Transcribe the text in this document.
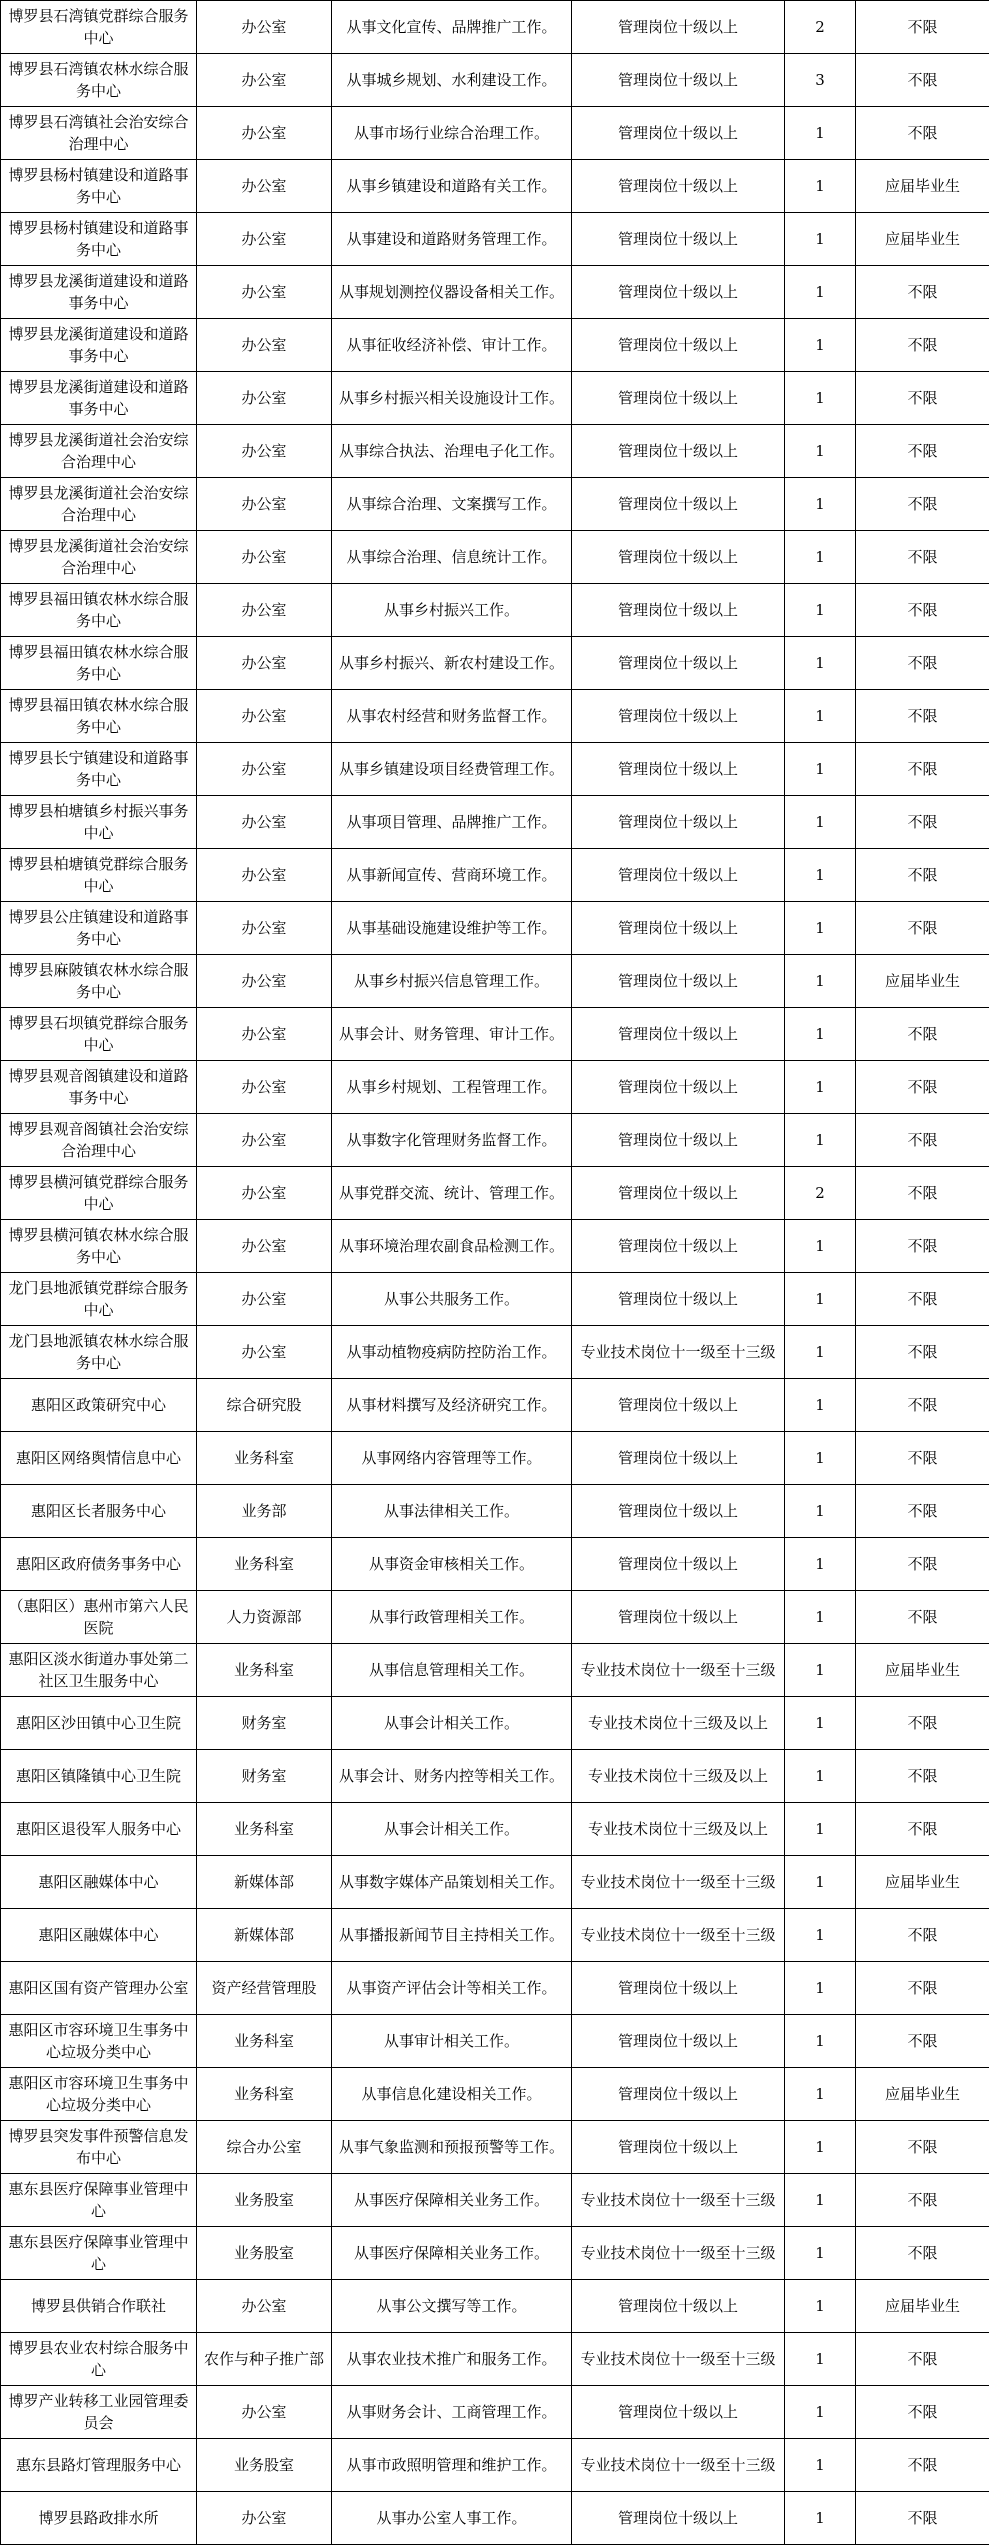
博罗县石湾镇党群综合服务中心	办公室	从事文化宣传、品牌推广工作。	管理岗位十级以上	2	不限
博罗县石湾镇农林水综合服务中心	办公室	从事城乡规划、水利建设工作。	管理岗位十级以上	3	不限
博罗县石湾镇社会治安综合治理中心	办公室	从事市场行业综合治理工作。	管理岗位十级以上	1	不限
博罗县杨村镇建设和道路事务中心	办公室	从事乡镇建设和道路有关工作。	管理岗位十级以上	1	应届毕业生
博罗县杨村镇建设和道路事务中心	办公室	从事建设和道路财务管理工作。	管理岗位十级以上	1	应届毕业生
博罗县龙溪街道建设和道路事务中心	办公室	从事规划测控仪器设备相关工作。	管理岗位十级以上	1	不限
博罗县龙溪街道建设和道路事务中心	办公室	从事征收经济补偿、审计工作。	管理岗位十级以上	1	不限
博罗县龙溪街道建设和道路事务中心	办公室	从事乡村振兴相关设施设计工作。	管理岗位十级以上	1	不限
博罗县龙溪街道社会治安综合治理中心	办公室	从事综合执法、治理电子化工作。	管理岗位十级以上	1	不限
博罗县龙溪街道社会治安综合治理中心	办公室	从事综合治理、文案撰写工作。	管理岗位十级以上	1	不限
博罗县龙溪街道社会治安综合治理中心	办公室	从事综合治理、信息统计工作。	管理岗位十级以上	1	不限
博罗县福田镇农林水综合服务中心	办公室	从事乡村振兴工作。	管理岗位十级以上	1	不限
博罗县福田镇农林水综合服务中心	办公室	从事乡村振兴、新农村建设工作。	管理岗位十级以上	1	不限
博罗县福田镇农林水综合服务中心	办公室	从事农村经营和财务监督工作。	管理岗位十级以上	1	不限
博罗县长宁镇建设和道路事务中心	办公室	从事乡镇建设项目经费管理工作。	管理岗位十级以上	1	不限
博罗县柏塘镇乡村振兴事务中心	办公室	从事项目管理、品牌推广工作。	管理岗位十级以上	1	不限
博罗县柏塘镇党群综合服务中心	办公室	从事新闻宣传、营商环境工作。	管理岗位十级以上	1	不限
博罗县公庄镇建设和道路事务中心	办公室	从事基础设施建设维护等工作。	管理岗位十级以上	1	不限
博罗县麻陂镇农林水综合服务中心	办公室	从事乡村振兴信息管理工作。	管理岗位十级以上	1	应届毕业生
博罗县石坝镇党群综合服务中心	办公室	从事会计、财务管理、审计工作。	管理岗位十级以上	1	不限
博罗县观音阁镇建设和道路事务中心	办公室	从事乡村规划、工程管理工作。	管理岗位十级以上	1	不限
博罗县观音阁镇社会治安综合治理中心	办公室	从事数字化管理财务监督工作。	管理岗位十级以上	1	不限
博罗县横河镇党群综合服务中心	办公室	从事党群交流、统计、管理工作。	管理岗位十级以上	2	不限
博罗县横河镇农林水综合服务中心	办公室	从事环境治理农副食品检测工作。	管理岗位十级以上	1	不限
龙门县地派镇党群综合服务中心	办公室	从事公共服务工作。	管理岗位十级以上	1	不限
龙门县地派镇农林水综合服务中心	办公室	从事动植物疫病防控防治工作。	专业技术岗位十一级至十三级	1	不限
惠阳区政策研究中心	综合研究股	从事材料撰写及经济研究工作。	管理岗位十级以上	1	不限
惠阳区网络舆情信息中心	业务科室	从事网络内容管理等工作。	管理岗位十级以上	1	不限
惠阳区长者服务中心	业务部	从事法律相关工作。	管理岗位十级以上	1	不限
惠阳区政府债务事务中心	业务科室	从事资金审核相关工作。	管理岗位十级以上	1	不限
（惠阳区）惠州市第六人民医院	人力资源部	从事行政管理相关工作。	管理岗位十级以上	1	不限
惠阳区淡水街道办事处第二社区卫生服务中心	业务科室	从事信息管理相关工作。	专业技术岗位十一级至十三级	1	应届毕业生
惠阳区沙田镇中心卫生院	财务室	从事会计相关工作。	专业技术岗位十三级及以上	1	不限
惠阳区镇隆镇中心卫生院	财务室	从事会计、财务内控等相关工作。	专业技术岗位十三级及以上	1	不限
惠阳区退役军人服务中心	业务科室	从事会计相关工作。	专业技术岗位十三级及以上	1	不限
惠阳区融媒体中心	新媒体部	从事数字媒体产品策划相关工作。	专业技术岗位十一级至十三级	1	应届毕业生
惠阳区融媒体中心	新媒体部	从事播报新闻节目主持相关工作。	专业技术岗位十一级至十三级	1	不限
惠阳区国有资产管理办公室	资产经营管理股	从事资产评估会计等相关工作。	管理岗位十级以上	1	不限
惠阳区市容环境卫生事务中心垃圾分类中心	业务科室	从事审计相关工作。	管理岗位十级以上	1	不限
惠阳区市容环境卫生事务中心垃圾分类中心	业务科室	从事信息化建设相关工作。	管理岗位十级以上	1	应届毕业生
博罗县突发事件预警信息发布中心	综合办公室	从事气象监测和预报预警等工作。	管理岗位十级以上	1	不限
惠东县医疗保障事业管理中心	业务股室	从事医疗保障相关业务工作。	专业技术岗位十一级至十三级	1	不限
惠东县医疗保障事业管理中心	业务股室	从事医疗保障相关业务工作。	专业技术岗位十一级至十三级	1	不限
博罗县供销合作联社	办公室	从事公文撰写等工作。	管理岗位十级以上	1	应届毕业生
博罗县农业农村综合服务中心	农作与种子推广部	从事农业技术推广和服务工作。	专业技术岗位十一级至十三级	1	不限
博罗产业转移工业园管理委员会	办公室	从事财务会计、工商管理工作。	管理岗位十级以上	1	不限
惠东县路灯管理服务中心	业务股室	从事市政照明管理和维护工作。	专业技术岗位十一级至十三级	1	不限
博罗县路政排水所	办公室	从事办公室人事工作。	管理岗位十级以上	1	不限
